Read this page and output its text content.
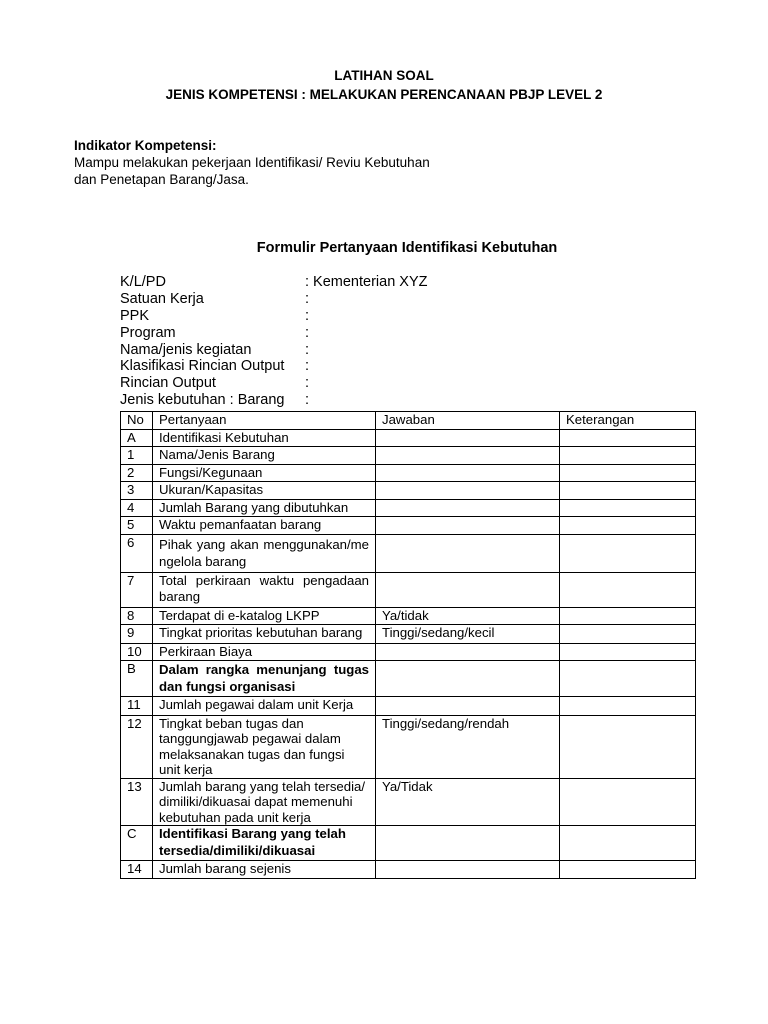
LATIHAN SOAL
JENIS KOMPETENSI : MELAKUKAN PERENCANAAN PBJP LEVEL 2
Indikator Kompetensi:
Mampu melakukan pekerjaan Identifikasi/ Reviu Kebutuhan
dan Penetapan Barang/Jasa.
Formulir Pertanyaan Identifikasi Kebutuhan
K/L/PD	: Kementerian XYZ
Satuan Kerja	:
PPK	:
Program	:
Nama/jenis kegiatan	:
Klasifikasi Rincian Output :
Rincian Output	:
Jenis kebutuhan : Barang :
No	Pertanyaan	Jawaban	Keterangan
A	Identifikasi Kebutuhan		
1	Nama/Jenis Barang		
2	Fungsi/Kegunaan		
3	Ukuran/Kapasitas		
4	Jumlah Barang yang dibutuhkan		
5	Waktu pemanfaatan barang		
6	Pihak yang akan menggunakan/me ngelola barang		
7	Total perkiraan waktu pengadaan barang		
8	Terdapat di e-katalog LKPP	Ya/tidak	
9	Tingkat prioritas kebutuhan barang	Tinggi/sedang/kecil	
10	Perkiraan Biaya		
B	Dalam rangka menunjang tugas dan fungsi organisasi		
11	Jumlah pegawai dalam unit Kerja		
12	Tingkat beban tugas dan tanggungjawab pegawai dalam melaksanakan tugas dan fungsi unit kerja	Tinggi/sedang/rendah	
13	Jumlah barang yang telah tersedia/ dimiliki/dikuasai dapat memenuhi kebutuhan pada unit kerja	Ya/Tidak	
C	Identifikasi Barang yang telah tersedia/dimiliki/dikuasai		
14	Jumlah barang sejenis		
